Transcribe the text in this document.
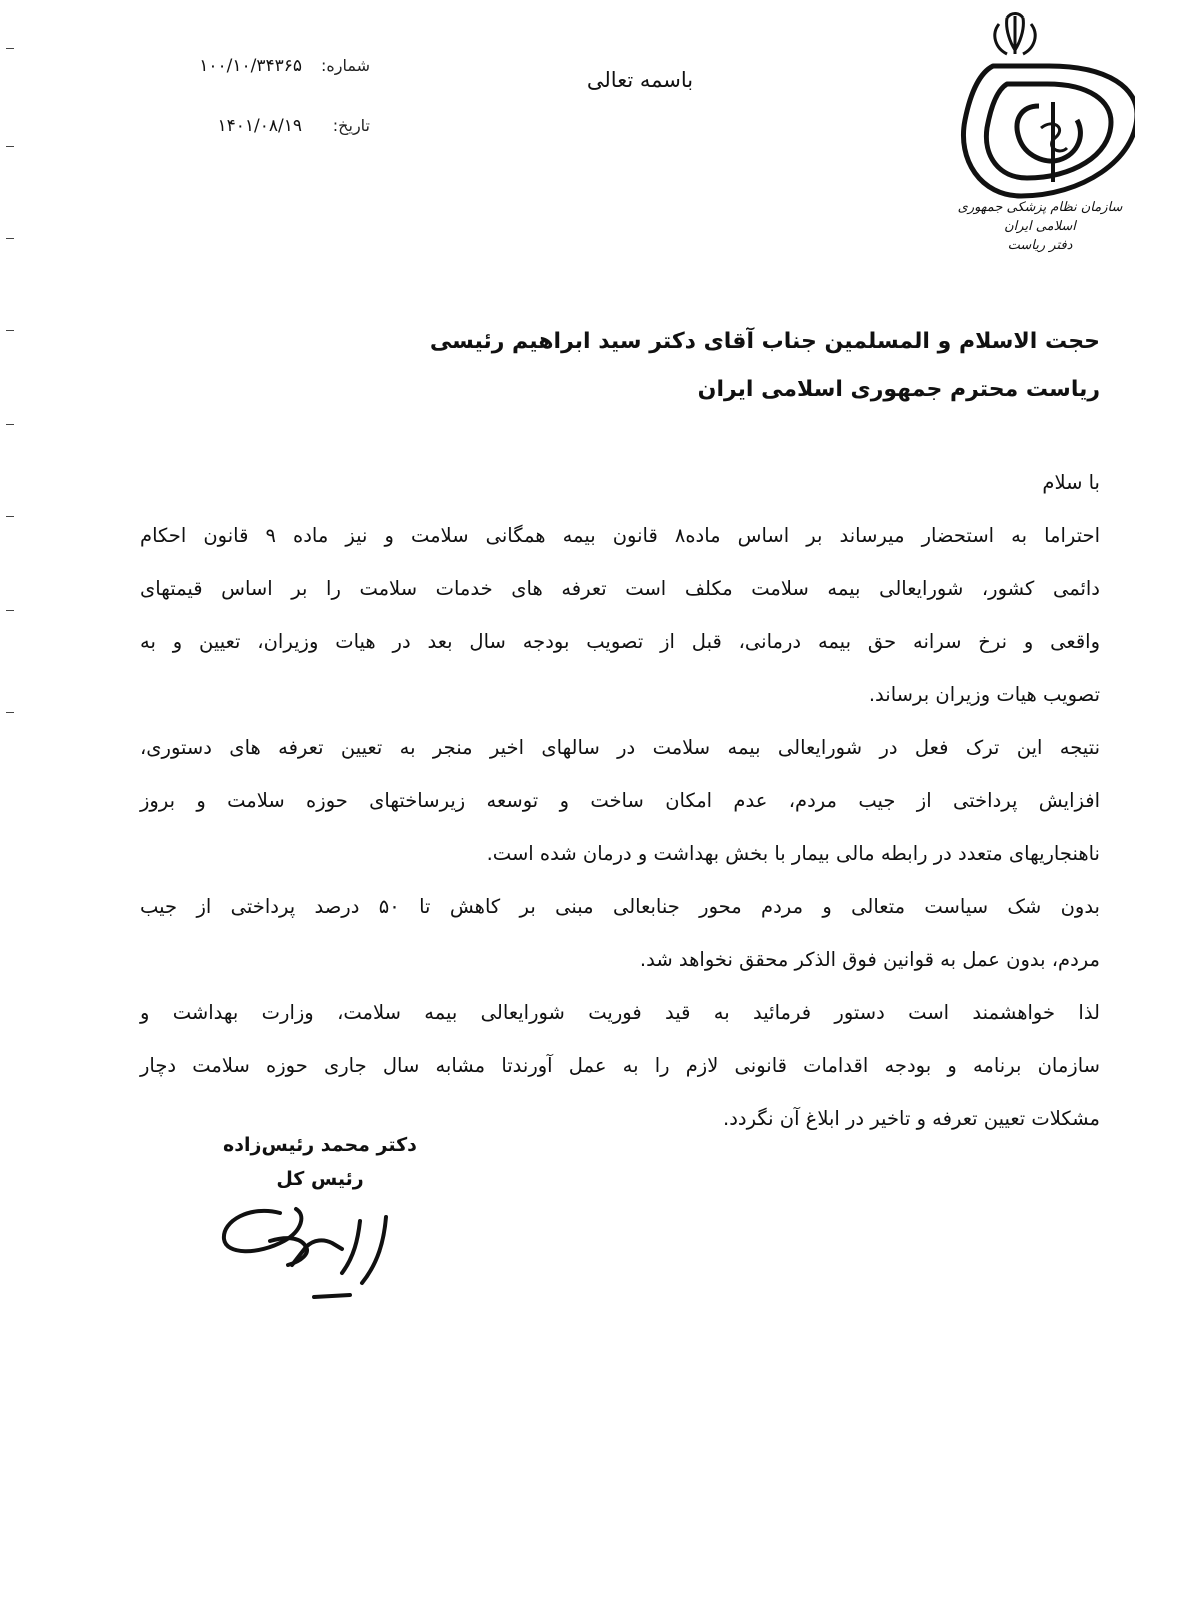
سازمان نظام پزشکی جمهوری اسلامی ایران
دفتر ریاست
باسمه تعالی
شماره:
۱۰۰/۱۰/۳۴۳۶۵
تاریخ:
۱۴۰۱/۰۸/۱۹
حجت الاسلام و المسلمین جناب آقای دکتر سید ابراهیم رئیسی
ریاست محترم جمهوری اسلامی ایران
با سلام
احتراما به استحضار میرساند بر اساس ماده۸ قانون بیمه همگانی سلامت و نیز ماده ۹ قانون احکام
دائمی کشور، شورایعالی بیمه سلامت مکلف است تعرفه های خدمات سلامت را بر اساس قیمتهای
واقعی و نرخ سرانه حق بیمه درمانی، قبل از تصویب بودجه سال بعد در هیات وزیران، تعیین و به
تصویب هیات وزیران برساند.
نتیجه این ترک فعل در شورایعالی بیمه سلامت در سالهای اخیر منجر به تعیین تعرفه های دستوری،
افزایش پرداختی از جیب مردم، عدم امکان ساخت و توسعه زیرساختهای حوزه سلامت و بروز
ناهنجاریهای متعدد در رابطه مالی بیمار با بخش بهداشت و درمان شده است.
بدون شک سیاست متعالی و مردم محور جنابعالی مبنی بر کاهش تا ۵۰ درصد پرداختی از جیب
مردم، بدون عمل به قوانین فوق الذکر محقق نخواهد شد.
لذا خواهشمند است دستور فرمائید به قید فوریت شورایعالی بیمه سلامت، وزارت بهداشت و
سازمان برنامه و بودجه اقدامات قانونی لازم را به عمل آورندتا مشابه سال جاری حوزه سلامت دچار
مشکلات تعیین تعرفه و تاخیر در ابلاغ آن نگردد.
دکتر محمد رئیس‌زاده
رئیس کل
